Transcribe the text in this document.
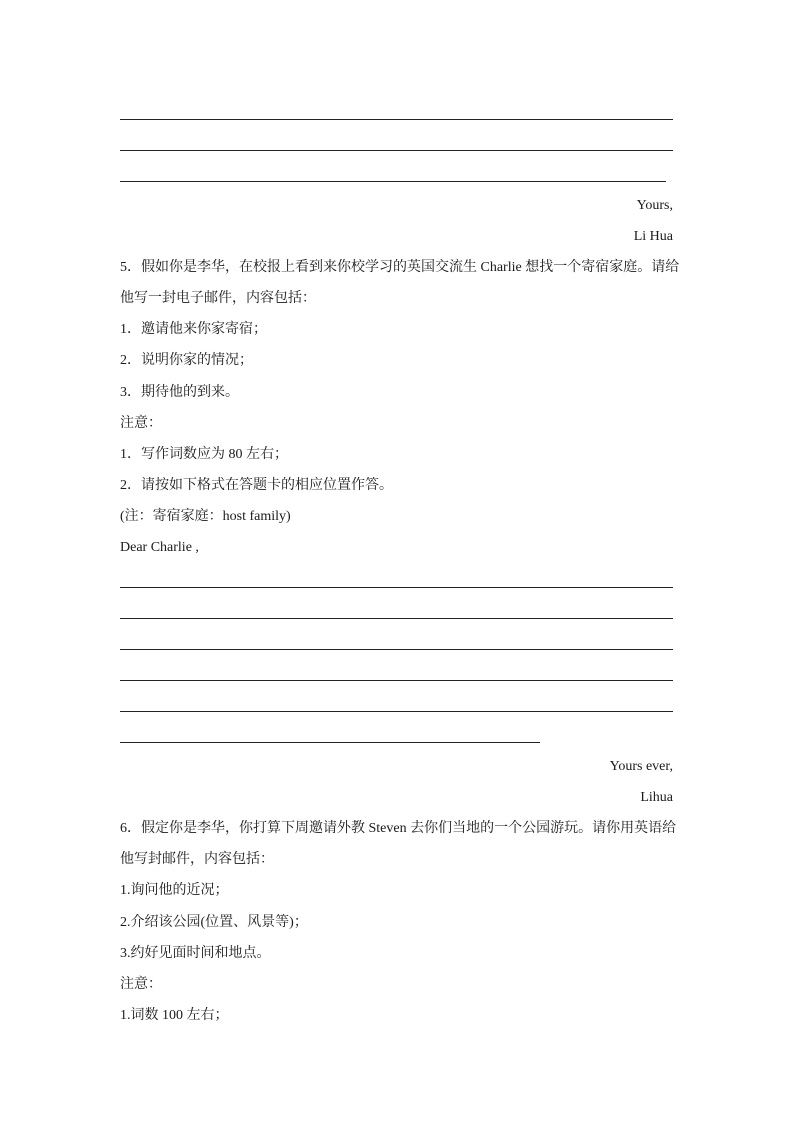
Yours,
Li Hua
5．假如你是李华，在校报上看到来你校学习的英国交流生 Charlie 想找一个寄宿家庭。请给
他写一封电子邮件，内容包括：
1．邀请他来你家寄宿；
2．说明你家的情况；
3．期待他的到来。
注意：
1．写作词数应为 80 左右；
2．请按如下格式在答题卡的相应位置作答。
(注：寄宿家庭：host family)
Dear Charlie ,
Yours ever,
Lihua
6．假定你是李华，你打算下周邀请外教 Steven 去你们当地的一个公园游玩。请你用英语给
他写封邮件，内容包括：
1.询问他的近况；
2.介绍该公园(位置、风景等)；
3.约好见面时间和地点。
注意：
1.词数 100 左右；
